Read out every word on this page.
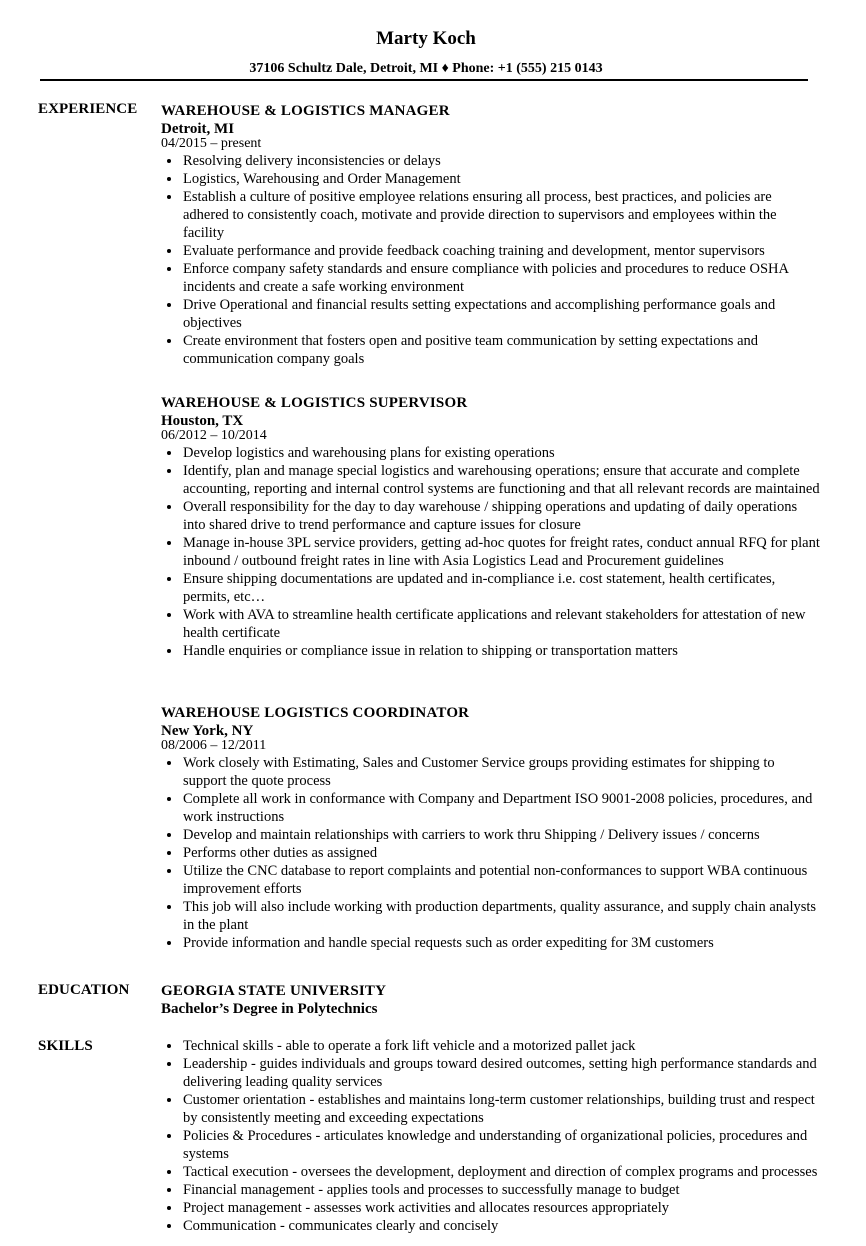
Marty Koch
37106 Schultz Dale, Detroit, MI ♦ Phone: +1 (555) 215 0143
EXPERIENCE WAREHOUSE & LOGISTICS MANAGER
Detroit, MI
04/2015 – present
Resolving delivery inconsistencies or delays
Logistics, Warehousing and Order Management
Establish a culture of positive employee relations ensuring all process, best practices, and policies are adhered to consistently coach, motivate and provide direction to supervisors and employees within the facility
Evaluate performance and provide feedback coaching training and development, mentor supervisors
Enforce company safety standards and ensure compliance with policies and procedures to reduce OSHA incidents and create a safe working environment
Drive Operational and financial results setting expectations and accomplishing performance goals and objectives
Create environment that fosters open and positive team communication by setting expectations and communication company goals
WAREHOUSE & LOGISTICS SUPERVISOR
Houston, TX
06/2012 – 10/2014
Develop logistics and warehousing plans for existing operations
Identify, plan and manage special logistics and warehousing operations; ensure that accurate and complete accounting, reporting and internal control systems are functioning and that all relevant records are maintained
Overall responsibility for the day to day warehouse / shipping operations and updating of daily operations into shared drive to trend performance and capture issues for closure
Manage in-house 3PL service providers, getting ad-hoc quotes for freight rates, conduct annual RFQ for plant inbound / outbound freight rates in line with Asia Logistics Lead and Procurement guidelines
Ensure shipping documentations are updated and in-compliance i.e. cost statement, health certificates, permits, etc…
Work with AVA to streamline health certificate applications and relevant stakeholders for attestation of new health certificate
Handle enquiries or compliance issue in relation to shipping or transportation matters
WAREHOUSE LOGISTICS COORDINATOR
New York, NY
08/2006 – 12/2011
Work closely with Estimating, Sales and Customer Service groups providing estimates for shipping to support the quote process
Complete all work in conformance with Company and Department ISO 9001-2008 policies, procedures, and work instructions
Develop and maintain relationships with carriers to work thru Shipping / Delivery issues / concerns
Performs other duties as assigned
Utilize the CNC database to report complaints and potential non-conformances to support WBA continuous improvement efforts
This job will also include working with production departments, quality assurance, and supply chain analysts in the plant
Provide information and handle special requests such as order expediting for 3M customers
EDUCATION GEORGIA STATE UNIVERSITY
Bachelor’s Degree in Polytechnics
SKILLS	Technical skills - able to operate a fork lift vehicle and a motorized pallet jack
Leadership - guides individuals and groups toward desired outcomes, setting high performance standards and delivering leading quality services
Customer orientation - establishes and maintains long-term customer relationships, building trust and respect by consistently meeting and exceeding expectations
Policies & Procedures - articulates knowledge and understanding of organizational policies, procedures and systems
Tactical execution - oversees the development, deployment and direction of complex programs and processes
Financial management - applies tools and processes to successfully manage to budget
Project management - assesses work activities and allocates resources appropriately
Communication - communicates clearly and concisely
